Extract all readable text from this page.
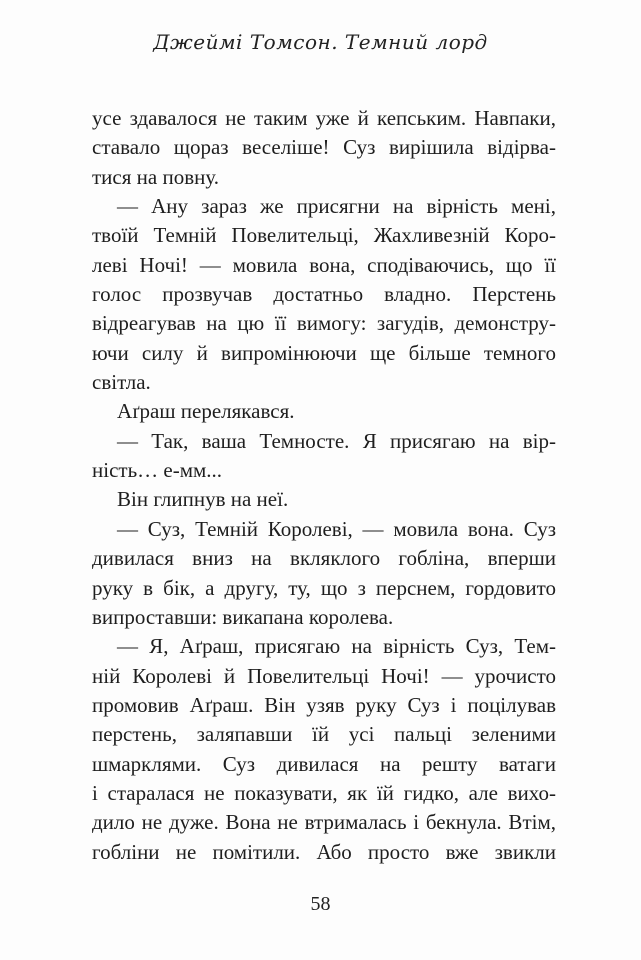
Джеймі Томсон. Темний лорд
усе здавалося не таким уже й кепським. Навпаки,
ставало щораз веселіше! Суз вирішила відірва-
тися на повну.
— Ану зараз же присягни на вірність мені,
твоїй Темній Повелительці, Жахливезній Коро-
леві Ночі! — мовила вона, сподіваючись, що її
голос прозвучав достатньо владно. Перстень
відреагував на цю її вимогу: загудів, демонстру-
ючи силу й випромінюючи ще більше темного
світла.
Аґраш перелякався.
— Так, ваша Темносте. Я присягаю на вір-
ність… е-мм...
Він глипнув на неї.
— Суз, Темній Королеві, — мовила вона. Суз
дивилася вниз на вкляклого гобліна, вперши
руку в бік, а другу, ту, що з перснем, гордовито
випроставши: викапана королева.
— Я, Аґраш, присягаю на вірність Суз, Тем-
ній Королеві й Повелительці Ночі! — урочисто
промовив Аґраш. Він узяв руку Суз і поцілував
перстень, заляпавши їй усі пальці зеленими
шмарклями. Суз дивилася на решту ватаги
і старалася не показувати, як їй гидко, але вихо-
дило не дуже. Вона не втрималась і бекнула. Втім,
гобліни не помітили. Або просто вже звикли
58
